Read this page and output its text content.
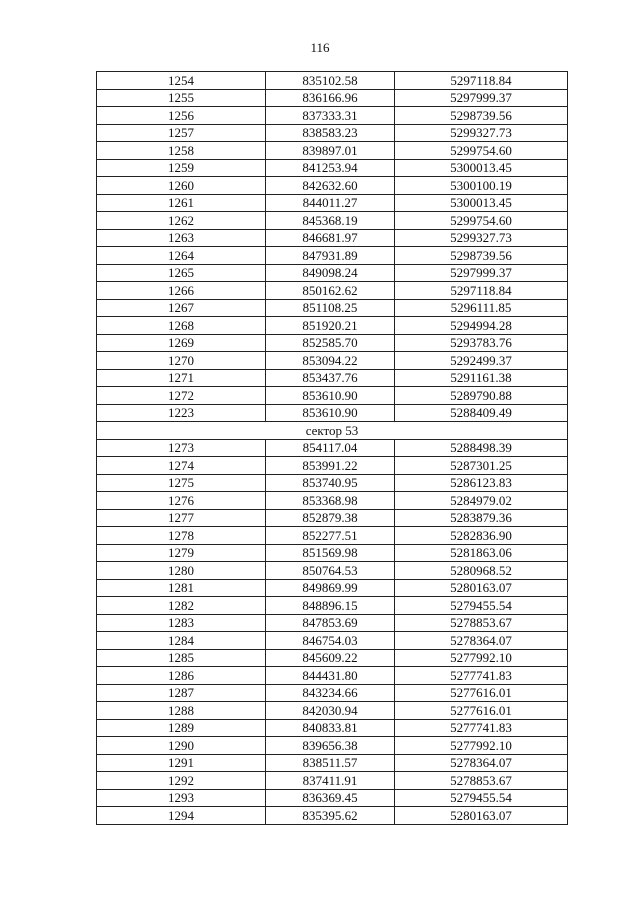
116
1254	835102.58	5297118.84
1255	836166.96	5297999.37
1256	837333.31	5298739.56
1257	838583.23	5299327.73
1258	839897.01	5299754.60
1259	841253.94	5300013.45
1260	842632.60	5300100.19
1261	844011.27	5300013.45
1262	845368.19	5299754.60
1263	846681.97	5299327.73
1264	847931.89	5298739.56
1265	849098.24	5297999.37
1266	850162.62	5297118.84
1267	851108.25	5296111.85
1268	851920.21	5294994.28
1269	852585.70	5293783.76
1270	853094.22	5292499.37
1271	853437.76	5291161.38
1272	853610.90	5289790.88
1223	853610.90	5288409.49
сектор 53		
1273	854117.04	5288498.39
1274	853991.22	5287301.25
1275	853740.95	5286123.83
1276	853368.98	5284979.02
1277	852879.38	5283879.36
1278	852277.51	5282836.90
1279	851569.98	5281863.06
1280	850764.53	5280968.52
1281	849869.99	5280163.07
1282	848896.15	5279455.54
1283	847853.69	5278853.67
1284	846754.03	5278364.07
1285	845609.22	5277992.10
1286	844431.80	5277741.83
1287	843234.66	5277616.01
1288	842030.94	5277616.01
1289	840833.81	5277741.83
1290	839656.38	5277992.10
1291	838511.57	5278364.07
1292	837411.91	5278853.67
1293	836369.45	5279455.54
1294	835395.62	5280163.07
